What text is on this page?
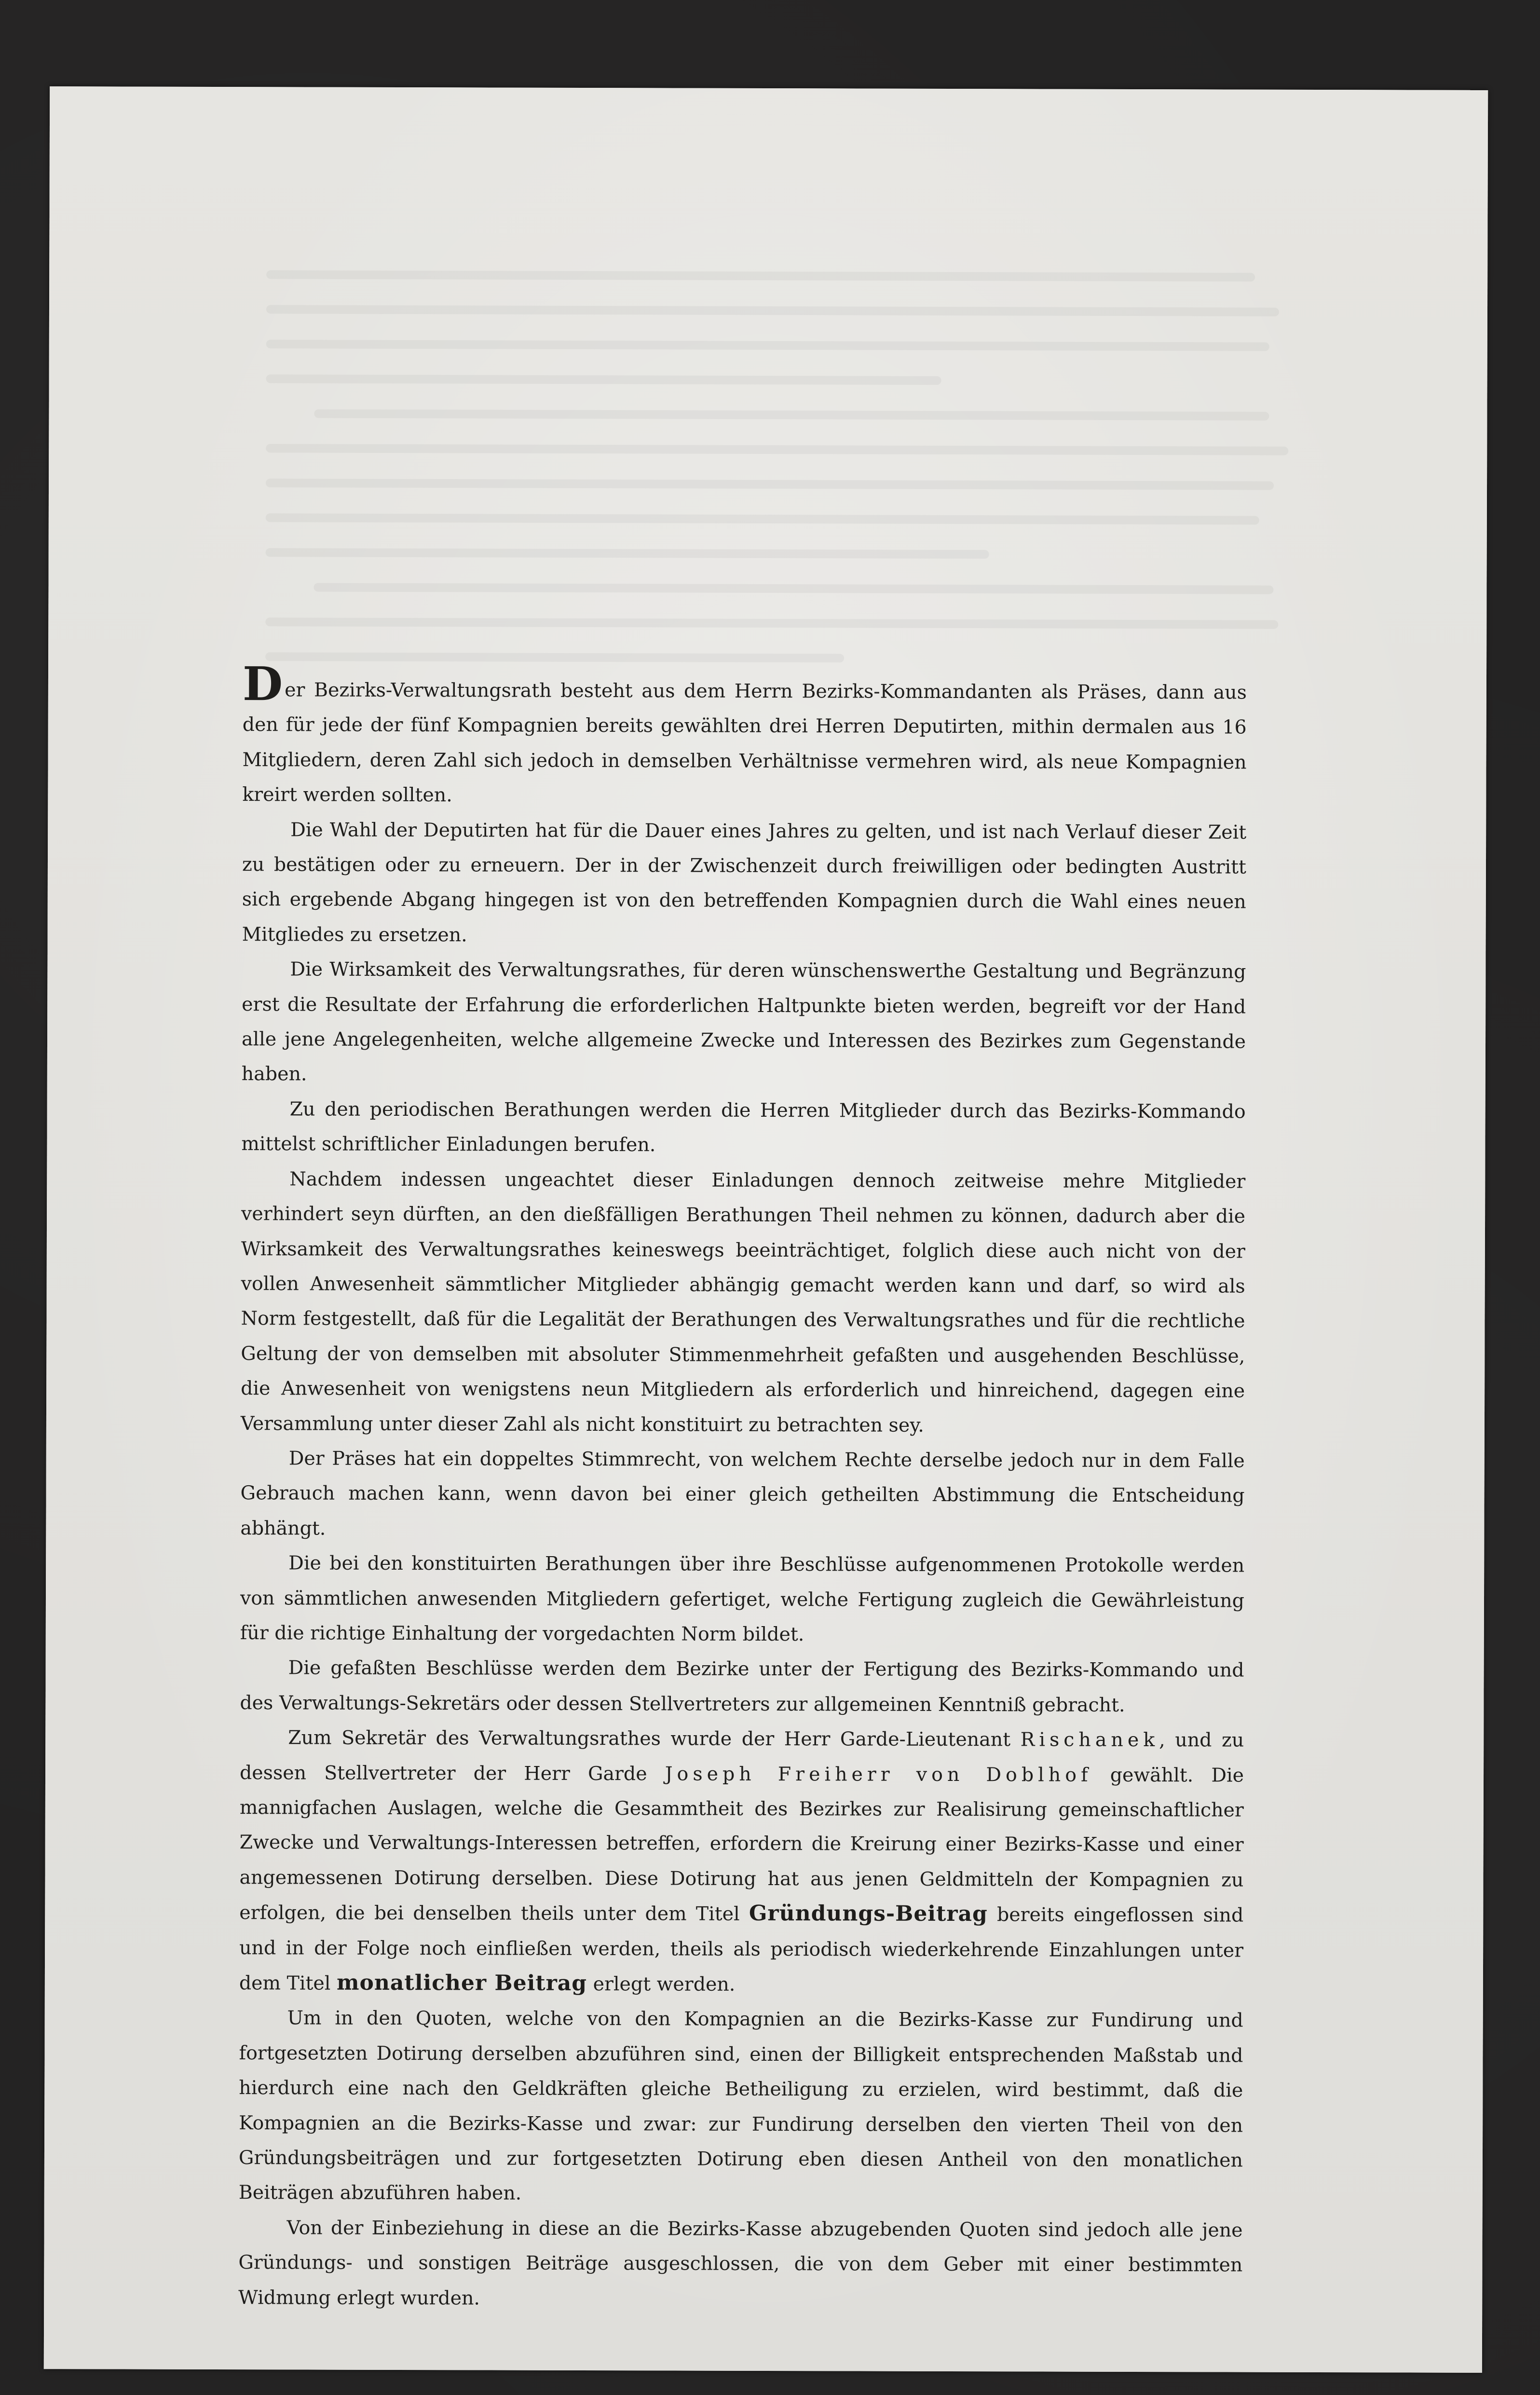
Der Bezirks-Verwaltungsrath besteht aus dem Herrn Bezirks-Kommandanten als Präses, dann aus den für jede der fünf Kompagnien bereits gewählten drei Herren Deputirten, mithin dermalen aus 16 Mitgliedern, deren Zahl sich jedoch in demselben Verhältnisse vermehren wird, als neue Kompagnien kreirt werden sollten.

Die Wahl der Deputirten hat für die Dauer eines Jahres zu gelten, und ist nach Verlauf dieser Zeit zu bestätigen oder zu erneuern. Der in der Zwischenzeit durch freiwilligen oder bedingten Austritt sich ergebende Abgang hingegen ist von den betreffenden Kompagnien durch die Wahl eines neuen Mitgliedes zu ersetzen.

Die Wirksamkeit des Verwaltungsrathes, für deren wünschenswerthe Gestaltung und Begränzung erst die Resultate der Erfahrung die erforderlichen Haltpunkte bieten werden, begreift vor der Hand alle jene Angelegenheiten, welche allgemeine Zwecke und Interessen des Bezirkes zum Gegenstande haben.

Zu den periodischen Berathungen werden die Herren Mitglieder durch das Bezirks-Kommando mittelst schriftlicher Einladungen berufen.

Nachdem indessen ungeachtet dieser Einladungen dennoch zeitweise mehre Mitglieder verhindert seyn dürften, an den dießfälligen Berathungen Theil nehmen zu können, dadurch aber die Wirksamkeit des Verwaltungsrathes keineswegs beeinträchtiget, folglich diese auch nicht von der vollen Anwesenheit sämmtlicher Mitglieder abhängig gemacht werden kann und darf, so wird als Norm festgestellt, daß für die Legalität der Berathungen des Verwaltungsrathes und für die rechtliche Geltung der von demselben mit absoluter Stimmenmehrheit gefaßten und ausgehenden Beschlüsse, die Anwesenheit von wenigstens neun Mitgliedern als erforderlich und hinreichend, dagegen eine Versammlung unter dieser Zahl als nicht konstituirt zu betrachten sey.

Der Präses hat ein doppeltes Stimmrecht, von welchem Rechte derselbe jedoch nur in dem Falle Gebrauch machen kann, wenn davon bei einer gleich getheilten Abstimmung die Entscheidung abhängt.

Die bei den konstituirten Berathungen über ihre Beschlüsse aufgenommenen Protokolle werden von sämmtlichen anwesenden Mitgliedern gefertiget, welche Fertigung zugleich die Gewährleistung für die richtige Einhaltung der vorgedachten Norm bildet.

Die gefaßten Beschlüsse werden dem Bezirke unter der Fertigung des Bezirks-Kommando und des Verwaltungs-Sekretärs oder dessen Stellvertreters zur allgemeinen Kenntniß gebracht.

Zum Sekretär des Verwaltungsrathes wurde der Herr Garde-Lieutenant Rischanek, und zu dessen Stellvertreter der Herr Garde Joseph Freiherr von Doblhof gewählt. Die mannigfachen Auslagen, welche die Gesammtheit des Bezirkes zur Realisirung gemeinschaftlicher Zwecke und Verwaltungs-Interessen betreffen, erfordern die Kreirung einer Bezirks-Kasse und einer angemessenen Dotirung derselben. Diese Dotirung hat aus jenen Geldmitteln der Kompagnien zu erfolgen, die bei denselben theils unter dem Titel Gründungs-Beitrag bereits eingeflossen sind und in der Folge noch einfließen werden, theils als periodisch wiederkehrende Einzahlungen unter dem Titel monatlicher Beitrag erlegt werden.

Um in den Quoten, welche von den Kompagnien an die Bezirks-Kasse zur Fundirung und fortgesetzten Dotirung derselben abzuführen sind, einen der Billigkeit entsprechenden Maßstab und hierdurch eine nach den Geldkräften gleiche Betheiligung zu erzielen, wird bestimmt, daß die Kompagnien an die Bezirks-Kasse und zwar: zur Fundirung derselben den vierten Theil von den Gründungsbeiträgen und zur fortgesetzten Dotirung eben diesen Antheil von den monatlichen Beiträgen abzuführen haben.

Von der Einbeziehung in diese an die Bezirks-Kasse abzugebenden Quoten sind jedoch alle jene Gründungs- und sonstigen Beiträge ausgeschlossen, die von dem Geber mit einer bestimmten Widmung erlegt wurden.
